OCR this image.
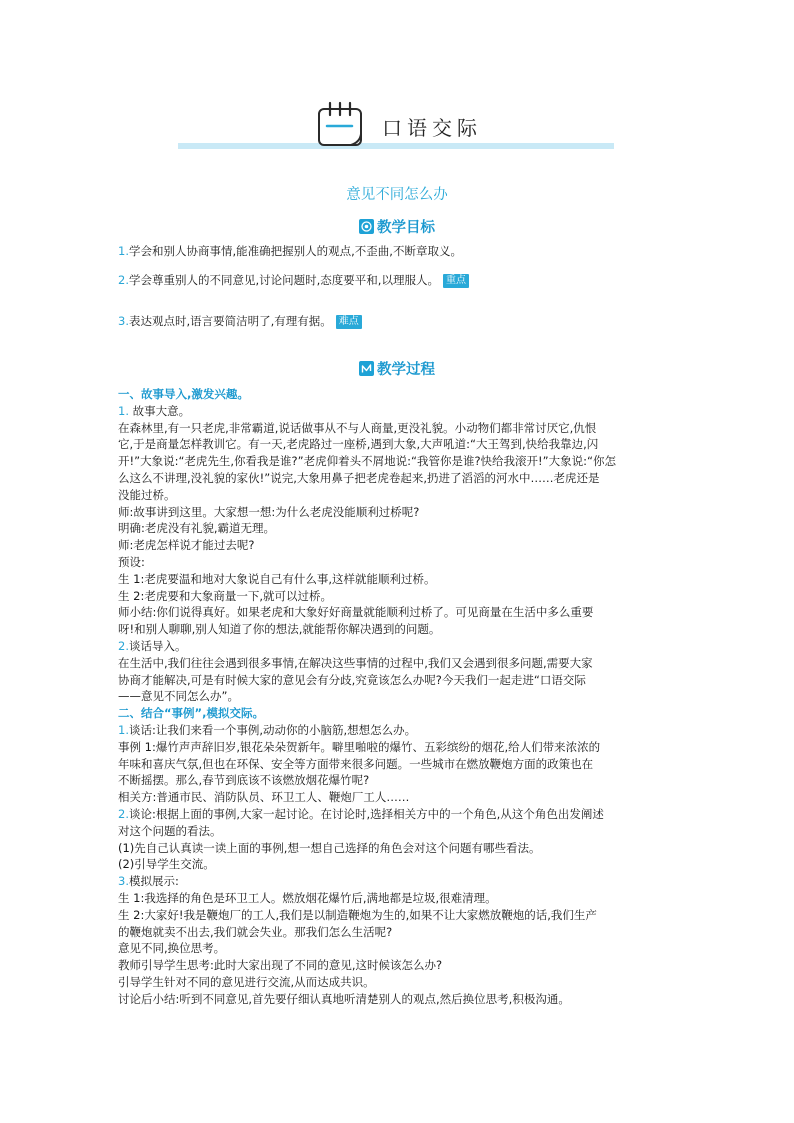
口语交际
意见不同怎么办
教学目标
1.学会和别人协商事情,能准确把握别人的观点,不歪曲,不断章取义。
2.学会尊重别人的不同意见,讨论问题时,态度要平和,以理服人。 重点
3.表达观点时,语言要简洁明了,有理有据。 难点
教学过程
一、故事导入,激发兴趣。
1. 故事大意。
在森林里,有一只老虎,非常霸道,说话做事从不与人商量,更没礼貌。小动物们都非常讨厌它,仇恨
它,于是商量怎样教训它。有一天,老虎路过一座桥,遇到大象,大声吼道:“大王驾到,快给我靠边,闪
开!”大象说:“老虎先生,你看我是谁?”老虎仰着头不屑地说:“我管你是谁?快给我滚开!”大象说:“你怎
么这么不讲理,没礼貌的家伙!”说完,大象用鼻子把老虎卷起来,扔进了滔滔的河水中……老虎还是
没能过桥。
师:故事讲到这里。大家想一想:为什么老虎没能顺利过桥呢?
明确:老虎没有礼貌,霸道无理。
师:老虎怎样说才能过去呢?
预设:
生 1:老虎要温和地对大象说自己有什么事,这样就能顺利过桥。
生 2:老虎要和大象商量一下,就可以过桥。
师小结:你们说得真好。如果老虎和大象好好商量就能顺利过桥了。可见商量在生活中多么重要
呀!和别人聊聊,别人知道了你的想法,就能帮你解决遇到的问题。
2.谈话导入。
在生活中,我们往往会遇到很多事情,在解决这些事情的过程中,我们又会遇到很多问题,需要大家
协商才能解决,可是有时候大家的意见会有分歧,究竟该怎么办呢?今天我们一起走进“口语交际
——意见不同怎么办”。
二、结合“事例”,模拟交际。
1.谈话:让我们来看一个事例,动动你的小脑筋,想想怎么办。
事例 1:爆竹声声辞旧岁,银花朵朵贺新年。噼里啪啦的爆竹、五彩缤纷的烟花,给人们带来浓浓的
年味和喜庆气氛,但也在环保、安全等方面带来很多问题。一些城市在燃放鞭炮方面的政策也在
不断摇摆。那么,春节到底该不该燃放烟花爆竹呢?
相关方:普通市民、消防队员、环卫工人、鞭炮厂工人……
2.谈论:根据上面的事例,大家一起讨论。在讨论时,选择相关方中的一个角色,从这个角色出发阐述
对这个问题的看法。
(1)先自己认真读一读上面的事例,想一想自己选择的角色会对这个问题有哪些看法。
(2)引导学生交流。
3.模拟展示:
生 1:我选择的角色是环卫工人。燃放烟花爆竹后,满地都是垃圾,很难清理。
生 2:大家好!我是鞭炮厂的工人,我们是以制造鞭炮为生的,如果不让大家燃放鞭炮的话,我们生产
的鞭炮就卖不出去,我们就会失业。那我们怎么生活呢?
意见不同,换位思考。
教师引导学生思考:此时大家出现了不同的意见,这时候该怎么办?
引导学生针对不同的意见进行交流,从而达成共识。
讨论后小结:听到不同意见,首先要仔细认真地听清楚别人的观点,然后换位思考,积极沟通。
